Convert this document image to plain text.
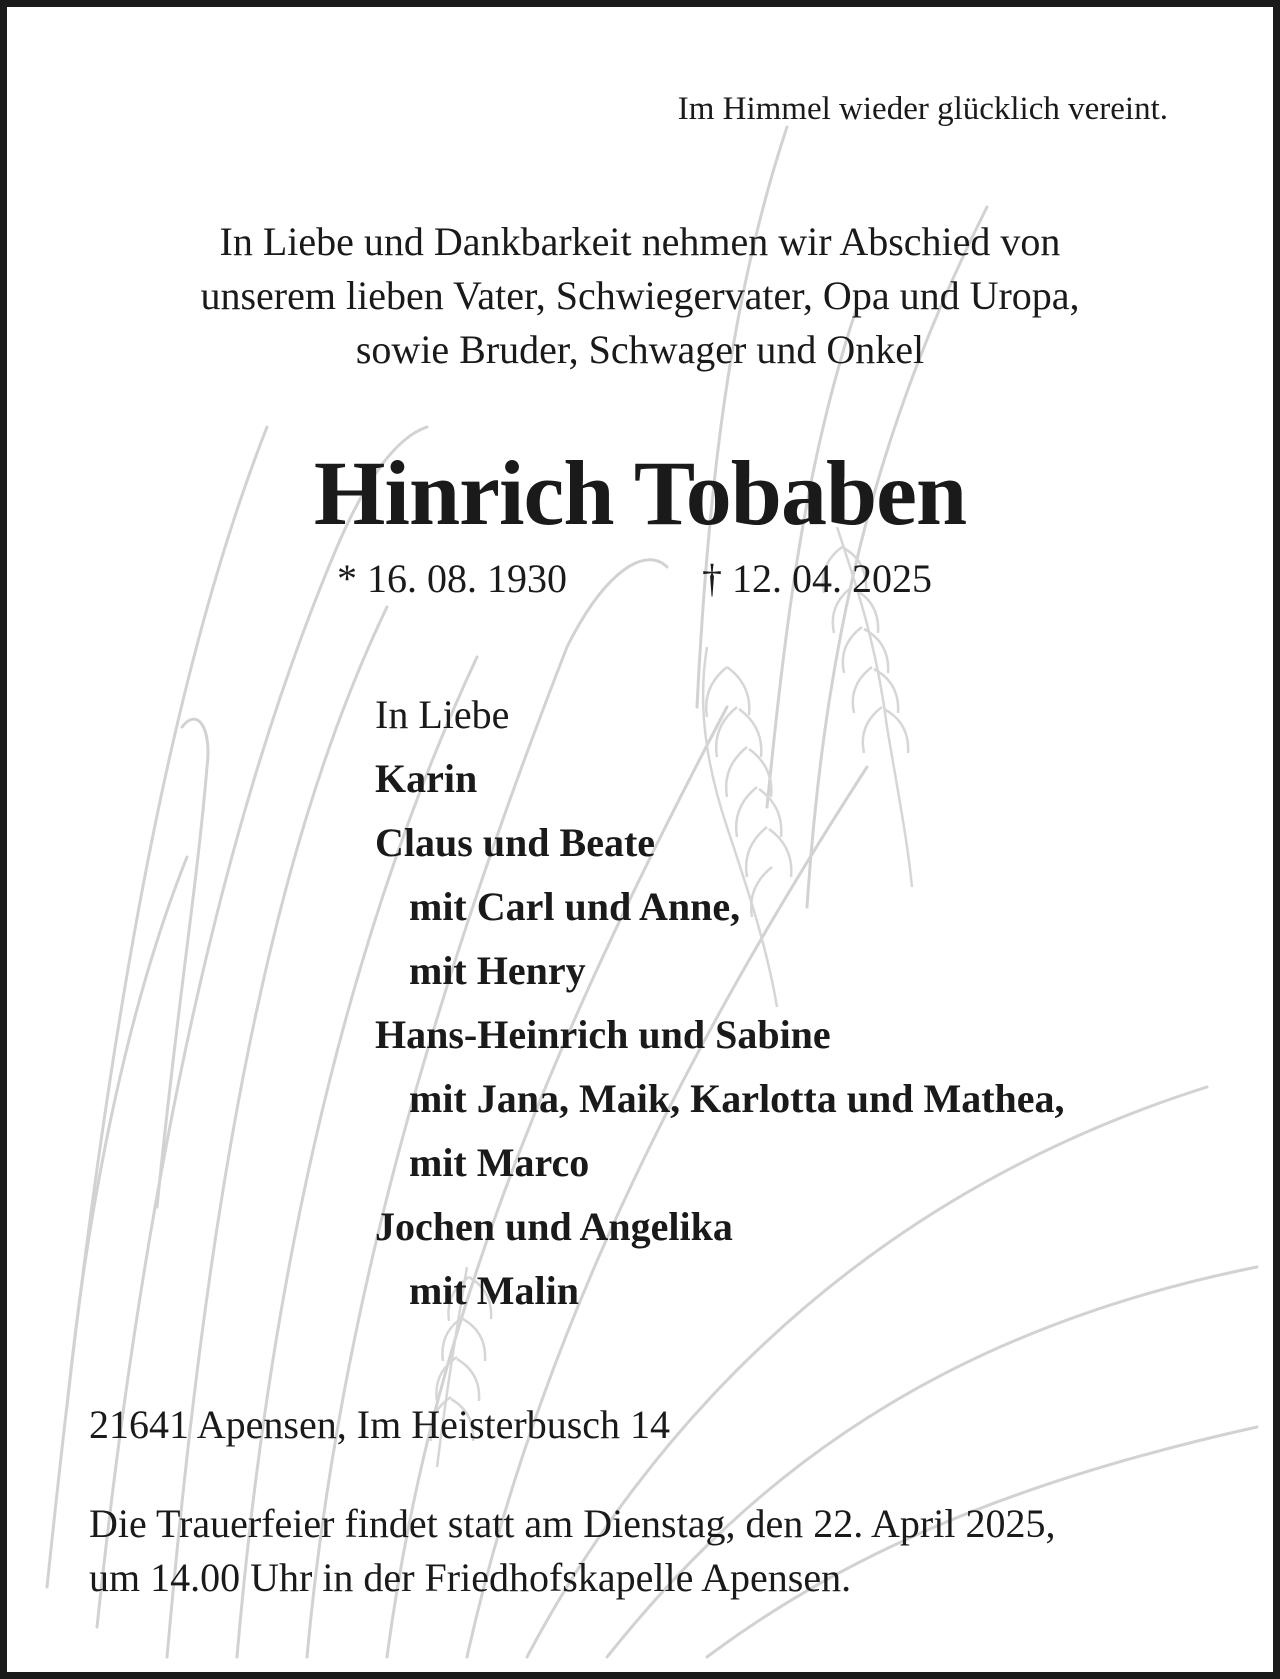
Im Himmel wieder glücklich vereint.
In Liebe und Dankbarkeit nehmen wir Abschied von
unserem lieben Vater, Schwiegervater, Opa und Uropa,
sowie Bruder, Schwager und Onkel
Hinrich Tobaben
* 16. 08. 1930	† 12. 04. 2025
In Liebe
Karin
Claus und Beate
mit Carl und Anne,
mit Henry
Hans-Heinrich und Sabine
mit Jana, Maik, Karlotta und Mathea,
mit Marco
Jochen und Angelika
mit Malin
21641 Apensen, Im Heisterbusch 14
Die Trauerfeier findet statt am Dienstag, den 22. April 2025,
um 14.00 Uhr in der Friedhofskapelle Apensen.
